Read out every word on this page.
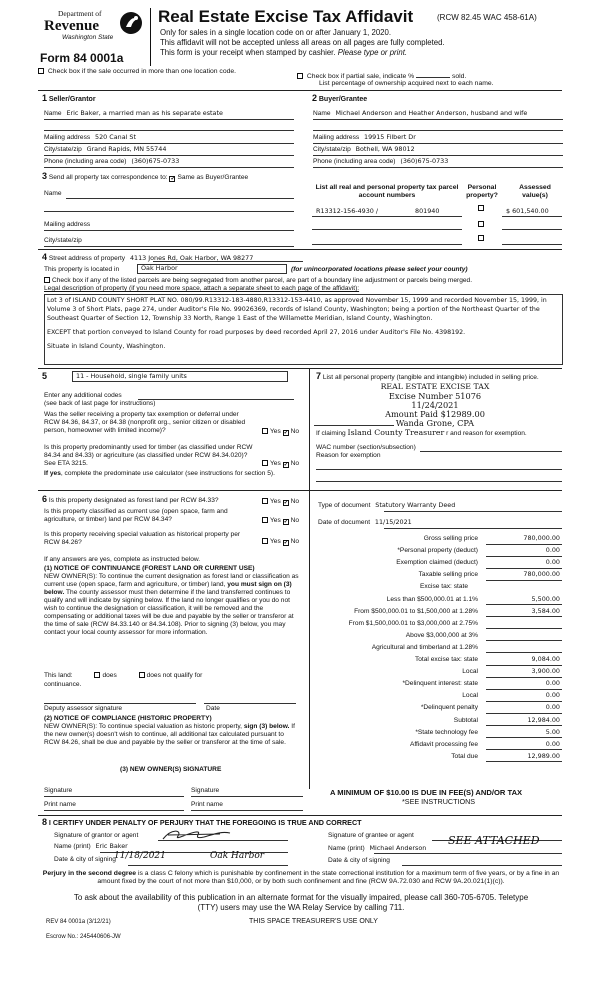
Department of
Revenue
Washington State
Form 84 0001a
Real Estate Excise Tax Affidavit	(RCW 82.45 WAC 458-61A)
Only for sales in a single location code on or after January 1, 2020.
This affidavit will not be accepted unless all areas on all pages are fully completed.
This form is your receipt when stamped by cashier. Please type or print.
Check box if the sale occurred in more than one location code.
Check box if partial sale, indicate %	sold.
List percentage of ownership acquired next to each name.
1 Seller/Grantor	2 Buyer/Grantee
Name Eric Baker, a married man as his separate estate
Mailing address 520 Canal St
City/state/zip Grand Rapids, MN 55744
Phone (including area code) (360)675-0733
Name Michael Anderson and Heather Anderson, husband and wife
Mailing address 19915 Filbert Dr
City/state/zip Bothell, WA 98012
Phone (including area code) (360)675-0733
3 Send all property tax correspondence to: ✓ Same as Buyer/Grantee
Name
Mailing address
City/state/zip
List all real and personal property tax parcel account numbers
Personal property?
Assessed value(s)
R13312-156-4930 /	801940	$ 601,540.00
4 Street address of property 4113 Jones Rd, Oak Harbor, WA 98277
This property is located in	Oak Harbor	(for unincorporated locations please select your county)
Check box if any of the listed parcels are being segregated from another parcel, are part of a boundary line adjustment or parcels being merged.
Legal description of property (if you need more space, attach a separate sheet to each page of the affidavit):
Lot 3 of ISLAND COUNTY SHORT PLAT NO. 080/99.R13312-183-4880,R13312-153-4410, as approved November 15, 1999 and recorded November 15, 1999, in Volume 3 of Short Plats, page 274, under Auditor's File No. 99026369, records of Island County, Washington; being a portion of the Northeast Quarter of the Southeast Quarter of Section 12, Township 33 North, Range 1 East of the Willamette Meridian, Island County, Washington.
EXCEPT that portion conveyed to Island County for road purposes by deed recorded April 27, 2016 under Auditor's File No. 4398192.
Situate in Island County, Washington.
5	11 - Household, single family units
Enter any additional codes
(see back of last page for instructions)
Was the seller receiving a property tax exemption or deferral under RCW 84.36, 84.37, or 84.38 (nonprofit org., senior citizen or disabled person, homeowner with limited income)?	Yes ✓ No
Is this property predominantly used for timber (as classified under RCW 84.34 and 84.33) or agriculture (as classified under RCW 84.34.020)? See ETA 3215.	Yes ✓ No
If yes, complete the predominate use calculator (see instructions for section 5).
7 List all personal property (tangible and intangible) included in selling price.
REAL ESTATE EXCISE TAX
Excise Number 51076
11/24/2021
Amount Paid $12989.00
Wanda Grone, CPA
If claiming Island County Treasurer r and reason for exemption.
WAC number (section/subsection)
Reason for exemption
6 Is this property designated as forest land per RCW 84.33?	Yes ✓ No
Is this property classified as current use (open space, farm and agriculture, or timber) land per RCW 84.34?	Yes ✓ No
Is this property receiving special valuation as historical property per RCW 84.26?	Yes ✓ No
If any answers are yes, complete as instructed below.
(1) NOTICE OF CONTINUANCE (FOREST LAND OR CURRENT USE)
NEW OWNER(S): To continue the current designation as forest land or classification as current use (open space, farm and agriculture, or timber) land, you must sign on (3) below. The county assessor must then determine if the land transferred continues to qualify and will indicate by signing below. If the land no longer qualifies or you do not wish to continue the designation or classification, it will be removed and the compensating or additional taxes will be due and payable by the seller or transferor at the time of sale (RCW 84.33.140 or 84.34.108). Prior to signing (3) below, you may contact your local county assessor for more information.
This land:	does	does not qualify for
continuance.
Deputy assessor signature	Date
(2) NOTICE OF COMPLIANCE (HISTORIC PROPERTY)
NEW OWNER(S): To continue special valuation as historic property, sign (3) below. If the new owner(s) doesn't wish to continue, all additional tax calculated pursuant to RCW 84.26, shall be due and payable by the seller or transferor at the time of sale.
(3) NEW OWNER(S) SIGNATURE
Signature	Signature
Print name	Print name
Type of document Statutory Warranty Deed
Date of document 11/15/2021
Gross selling price	780,000.00
*Personal property (deduct)	0.00
Exemption claimed (deduct)	0.00
Taxable selling price	780,000.00
Excise tax: state
Less than $500,000.01 at 1.1%	5,500.00
From $500,000.01 to $1,500,000 at 1.28%	3,584.00
From $1,500,000.01 to $3,000,000 at 2.75%
Above $3,000,000 at 3%
Agricultural and timberland at 1.28%
Total excise tax: state	9,084.00
Local	3,900.00
*Delinquent interest: state	0.00
Local	0.00
*Delinquent penalty	0.00
Subtotal	12,984.00
*State technology fee	5.00
Affidavit processing fee	0.00
Total due	12,989.00
A MINIMUM OF $10.00 IS DUE IN FEE(S) AND/OR TAX
*SEE INSTRUCTIONS
8 I CERTIFY UNDER PENALTY OF PERJURY THAT THE FOREGOING IS TRUE AND CORRECT
Signature of grantor or agent
Name (print) Eric Baker
Date & city of signing
11/18/2021	Oak Harbor
Signature of grantee or agent
Name (print) Michael Anderson
SEE ATTACHED
Date & city of signing
Perjury in the second degree is a class C felony which is punishable by confinement in the state correctional institution for a maximum term of five years, or by a fine in an amount fixed by the court of not more than $10,000, or by both such confinement and fine (RCW 9A.72.030 and RCW 9A.20.021(1)(c)).
To ask about the availability of this publication in an alternate format for the visually impaired, please call 360-705-6705. Teletype
(TTY) users may use the WA Relay Service by calling 711.
REV 84 0001a (3/12/21)	THIS SPACE TREASURER'S USE ONLY
Escrow No.: 245440606-JW
